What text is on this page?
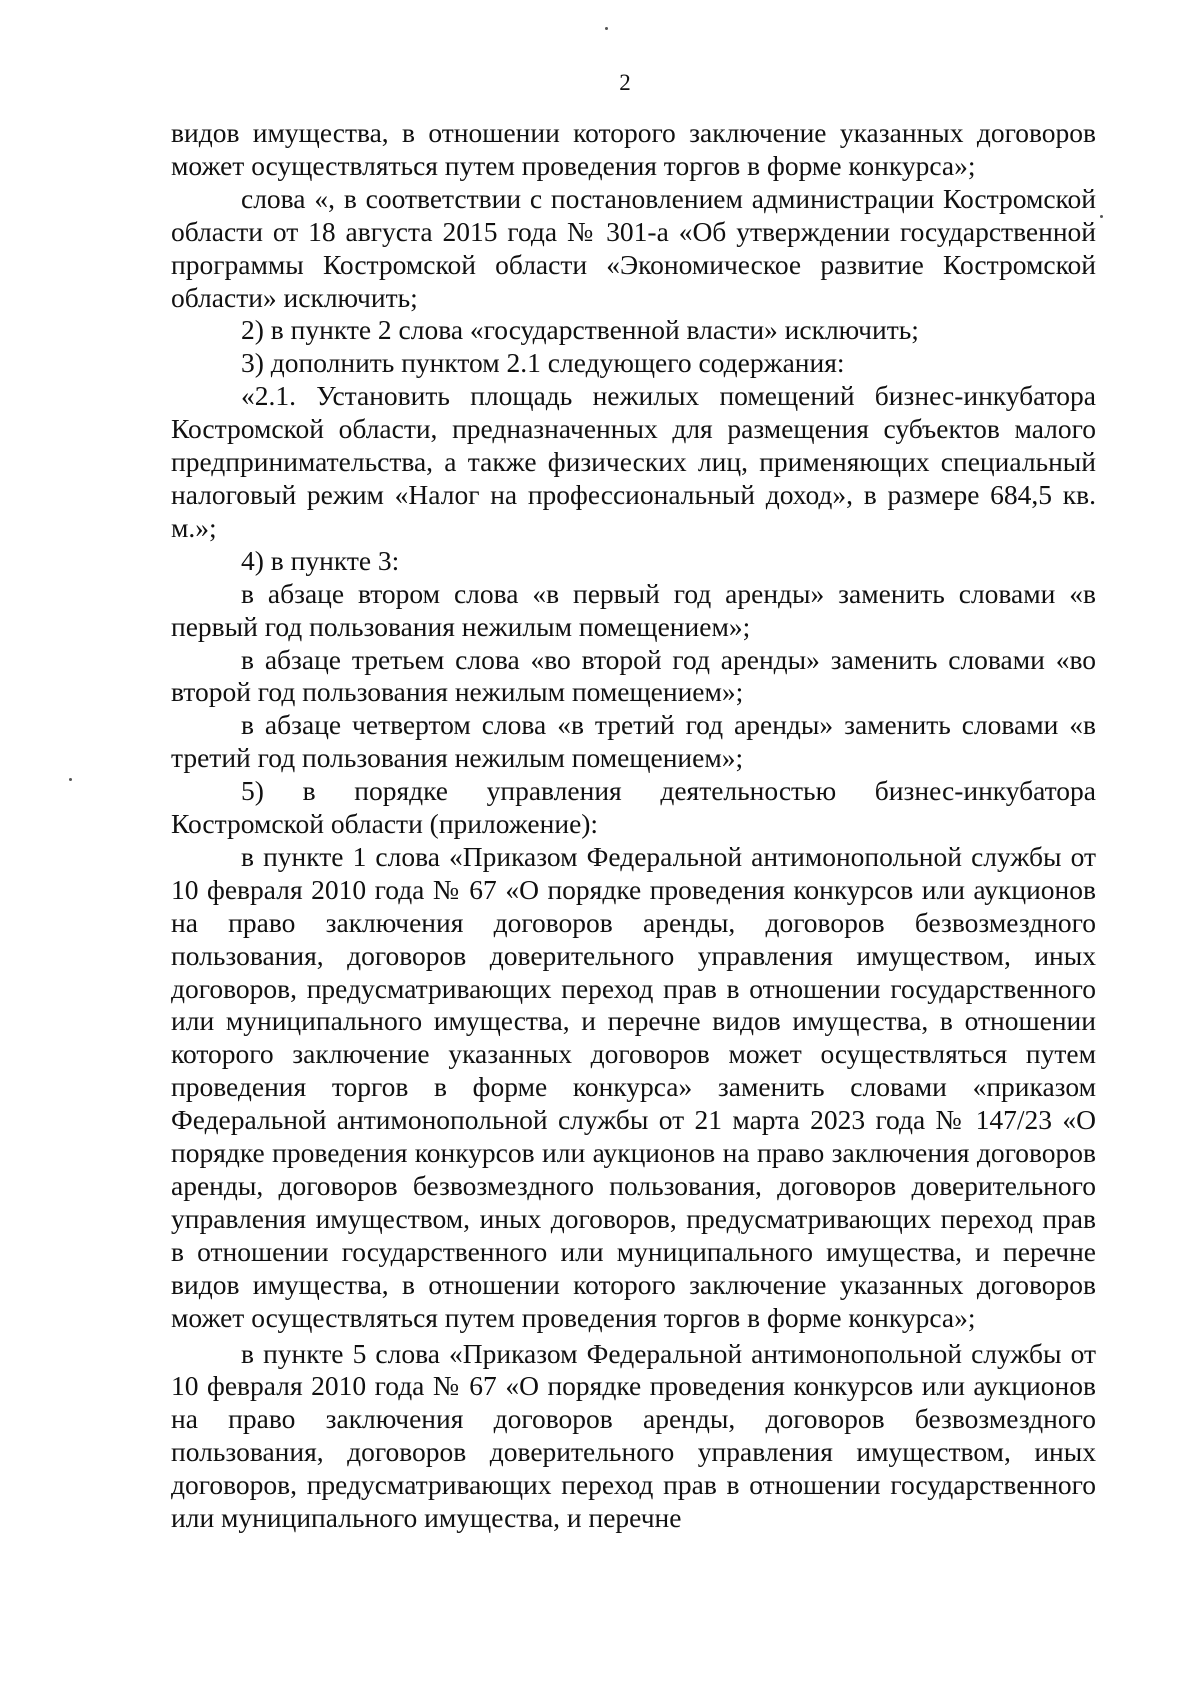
2

видов имущества, в отношении которого заключение указанных договоров может осуществляться путем проведения торгов в форме конкурса»;

слова «, в соответствии с постановлением администрации Костромской области от 18 августа 2015 года № 301-а «Об утверждении государственной программы Костромской области «Экономическое развитие Костромской области» исключить;

2) в пункте 2 слова «государственной власти» исключить;

3) дополнить пунктом 2.1 следующего содержания:

«2.1. Установить площадь нежилых помещений бизнес-инкубатора Костромской области, предназначенных для размещения субъектов малого предпринимательства, а также физических лиц, применяющих специальный налоговый режим «Налог на профессиональный доход», в размере 684,5 кв. м.»;

4) в пункте 3:

в абзаце втором слова «в первый год аренды» заменить словами «в первый год пользования нежилым помещением»;

в абзаце третьем слова «во второй год аренды» заменить словами «во второй год пользования нежилым помещением»;

в абзаце четвертом слова «в третий год аренды» заменить словами «в третий год пользования нежилым помещением»;

5) в порядке управления деятельностью бизнес-инкубатора Костромской области (приложение):

в пункте 1 слова «Приказом Федеральной антимонопольной службы от 10 февраля 2010 года № 67 «О порядке проведения конкурсов или аукционов на право заключения договоров аренды, договоров безвозмездного пользования, договоров доверительного управления имуществом, иных договоров, предусматривающих переход прав в отношении государственного или муниципального имущества, и перечне видов имущества, в отношении которого заключение указанных договоров может осуществляться путем проведения торгов в форме конкурса» заменить словами «приказом Федеральной антимонопольной службы от 21 марта 2023 года № 147/23 «О порядке проведения конкурсов или аукционов на право заключения договоров аренды, договоров безвозмездного пользования, договоров доверительного управления имуществом, иных договоров, предусматривающих переход прав в отношении государственного или муниципального имущества, и перечне видов имущества, в отношении которого заключение указанных договоров может осуществляться путем проведения торгов в форме конкурса»;

в пункте 5 слова «Приказом Федеральной антимонопольной службы от 10 февраля 2010 года № 67 «О порядке проведения конкурсов или аукционов на право заключения договоров аренды, договоров безвозмездного пользования, договоров доверительного управления имуществом, иных договоров, предусматривающих переход прав в отношении государственного или муниципального имущества, и перечне
